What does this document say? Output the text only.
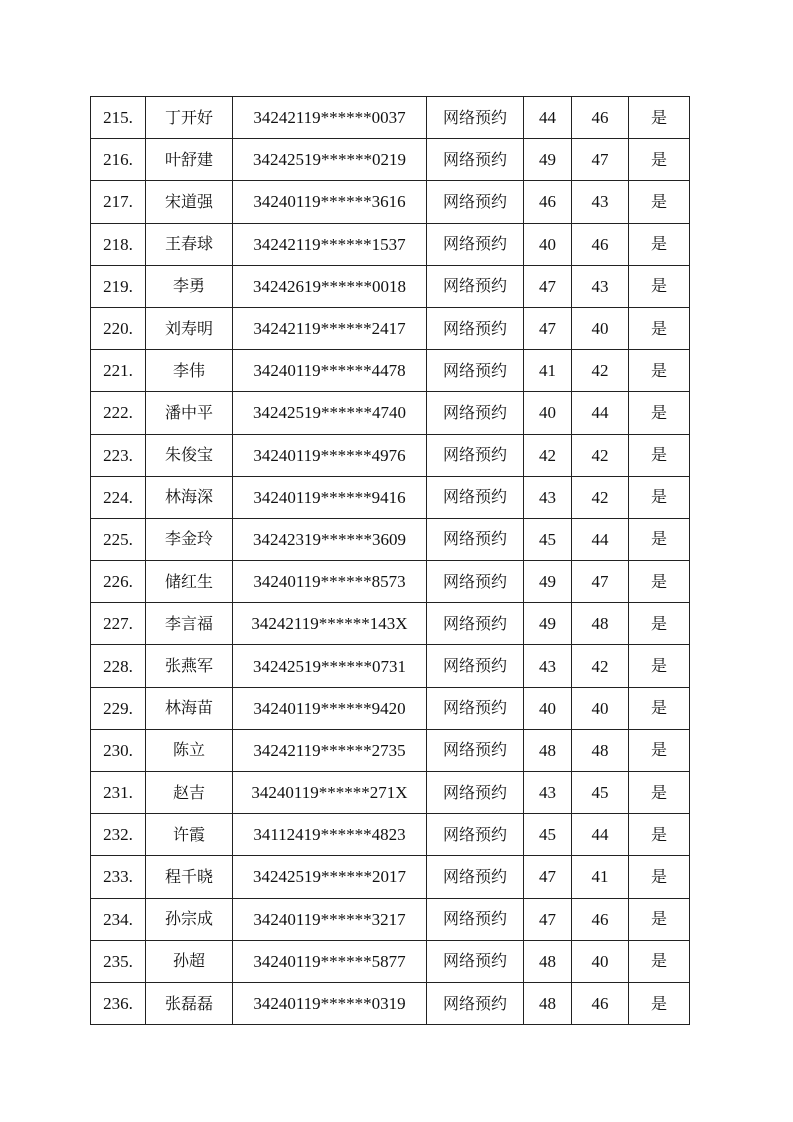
215.	丁开好	34242119******0037	网络预约	44	46	是
216.	叶舒建	34242519******0219	网络预约	49	47	是
217.	宋道强	34240119******3616	网络预约	46	43	是
218.	王春球	34242119******1537	网络预约	40	46	是
219.	李勇	34242619******0018	网络预约	47	43	是
220.	刘寿明	34242119******2417	网络预约	47	40	是
221.	李伟	34240119******4478	网络预约	41	42	是
222.	潘中平	34242519******4740	网络预约	40	44	是
223.	朱俊宝	34240119******4976	网络预约	42	42	是
224.	林海深	34240119******9416	网络预约	43	42	是
225.	李金玲	34242319******3609	网络预约	45	44	是
226.	储红生	34240119******8573	网络预约	49	47	是
227.	李言福	34242119******143X	网络预约	49	48	是
228.	张燕军	34242519******0731	网络预约	43	42	是
229.	林海苗	34240119******9420	网络预约	40	40	是
230.	陈立	34242119******2735	网络预约	48	48	是
231.	赵吉	34240119******271X	网络预约	43	45	是
232.	许霞	34112419******4823	网络预约	45	44	是
233.	程千晓	34242519******2017	网络预约	47	41	是
234.	孙宗成	34240119******3217	网络预约	47	46	是
235.	孙超	34240119******5877	网络预约	48	40	是
236.	张磊磊	34240119******0319	网络预约	48	46	是
